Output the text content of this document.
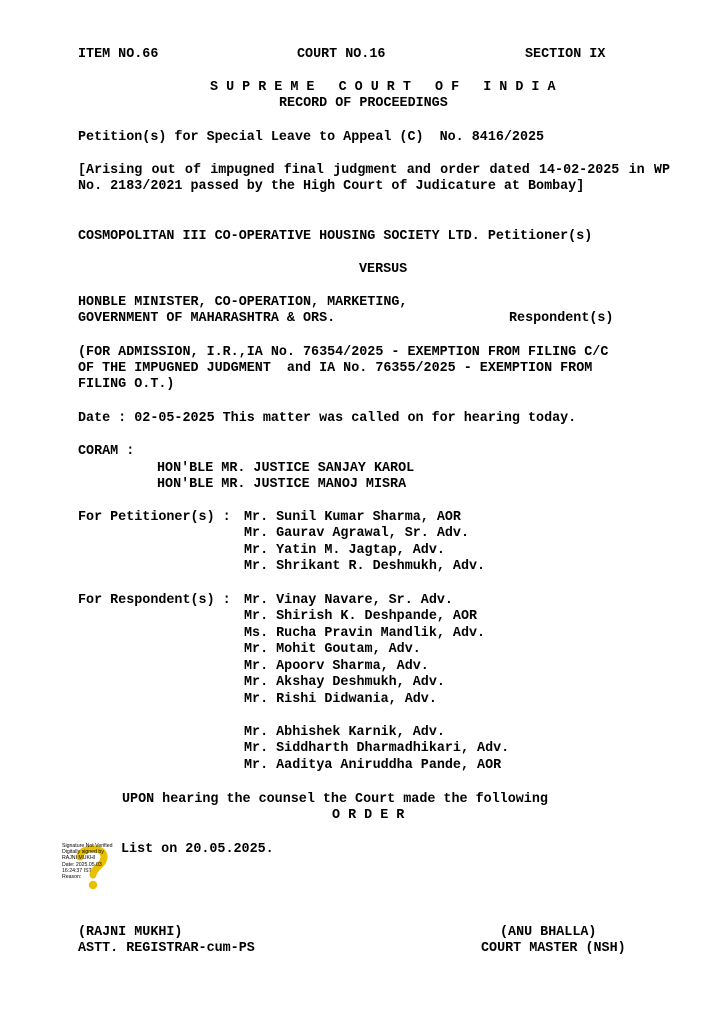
ITEM NO.66	COURT NO.16	SECTION IX
S U P R E M E   C O U R T   O F   I N D I A
RECORD OF PROCEEDINGS
Petition(s) for Special Leave to Appeal (C)  No. 8416/2025
[Arising out of impugned final judgment and order dated 14-02-2025 in WP No. 2183/2021 passed by the High Court of Judicature at Bombay]
COSMOPOLITAN III CO-OPERATIVE HOUSING SOCIETY LTD. Petitioner(s)
VERSUS
HONBLE MINISTER, CO-OPERATION, MARKETING,
GOVERNMENT OF MAHARASHTRA & ORS.	Respondent(s)
(FOR ADMISSION, I.R.,IA No. 76354/2025 - EXEMPTION FROM FILING C/C
OF THE IMPUGNED JUDGMENT  and IA No. 76355/2025 - EXEMPTION FROM
FILING O.T.)
Date : 02-05-2025 This matter was called on for hearing today.
CORAM :
HON'BLE MR. JUSTICE SANJAY KAROL
HON'BLE MR. JUSTICE MANOJ MISRA
For Petitioner(s) : Mr. Sunil Kumar Sharma, AOR
Mr. Gaurav Agrawal, Sr. Adv.
Mr. Yatin M. Jagtap, Adv.
Mr. Shrikant R. Deshmukh, Adv.
For Respondent(s) : Mr. Vinay Navare, Sr. Adv.
Mr. Shirish K. Deshpande, AOR
Ms. Rucha Pravin Mandlik, Adv.
Mr. Mohit Goutam, Adv.
Mr. Apoorv Sharma, Adv.
Mr. Akshay Deshmukh, Adv.
Mr. Rishi Didwania, Adv.
Mr. Abhishek Karnik, Adv.
Mr. Siddharth Dharmadhikari, Adv.
Mr. Aaditya Aniruddha Pande, AOR
UPON hearing the counsel the Court made the following
O R D E R
Signature Not Verified
Digitally signed by
RAJNI MUKHI
Date: 2025.05.03
16:24:37 IST
Reason:
List on 20.05.2025.
(RAJNI MUKHI)
ASTT. REGISTRAR-cum-PS
(ANU BHALLA)
COURT MASTER (NSH)
